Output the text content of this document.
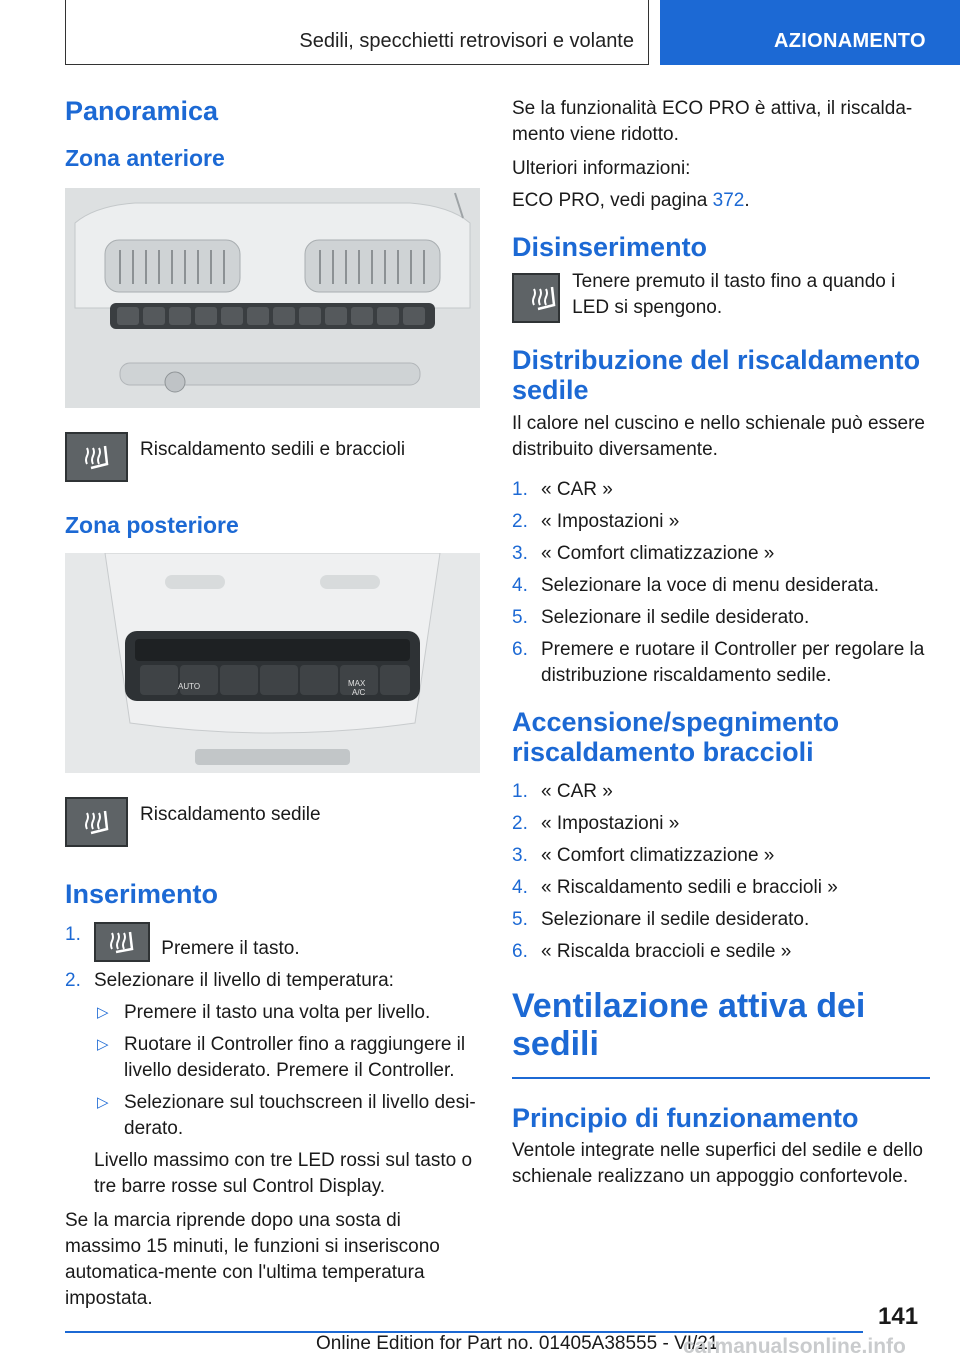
Sedili, specchietti retrovisori e volante	AZIONAMENTO
Panoramica
Zona anteriore
Riscaldamento sedili e braccioli
Zona posteriore
AUTO	MAX
A/C
Riscaldamento sedile
Inserimento
1.
Premere il tasto.
2. Selezionare il livello di temperatura:
▷ Premere il tasto una volta per livello.
▷ Ruotare il Controller fino a raggiungere il livello desiderato. Premere il Controller.
▷ Selezionare sul touchscreen il livello desi-derato.

Livello massimo con tre LED rossi sul tasto o tre barre rosse sul Control Display.

Se la marcia riprende dopo una sosta di massimo 15 minuti, le funzioni si inseriscono automatica-mente con l'ultima temperatura impostata.

Se la funzionalità ECO PRO è attiva, il riscalda-mento viene ridotto.

Ulteriori informazioni:

ECO PRO, vedi pagina 372.

Disinserimento
Tenere premuto il tasto fino a quando i LED si spengono.
Distribuzione del riscaldamento sedile

Il calore nel cuscino e nello schienale può essere distribuito diversamente.

1. « CAR »
2. « Impostazioni »
3. « Comfort climatizzazione »
4. Selezionare la voce di menu desiderata.
5. Selezionare il sedile desiderato.
6. Premere e ruotare il Controller per regolare la distribuzione riscaldamento sedile.
Accensione/spegnimento riscaldamento braccioli
1. « CAR »
2. « Impostazioni »
3. « Comfort climatizzazione »
4. « Riscaldamento sedili e braccioli »
5. Selezionare il sedile desiderato.
6. « Riscalda braccioli e sedile »
Ventilazione attiva dei sedili
Principio di funzionamento

Ventole integrate nelle superfici del sedile e dello schienale realizzano un appoggio confortevole.

141
Online Edition for Part no. 01405A38555 - VI/21
carmanualsonline.info
